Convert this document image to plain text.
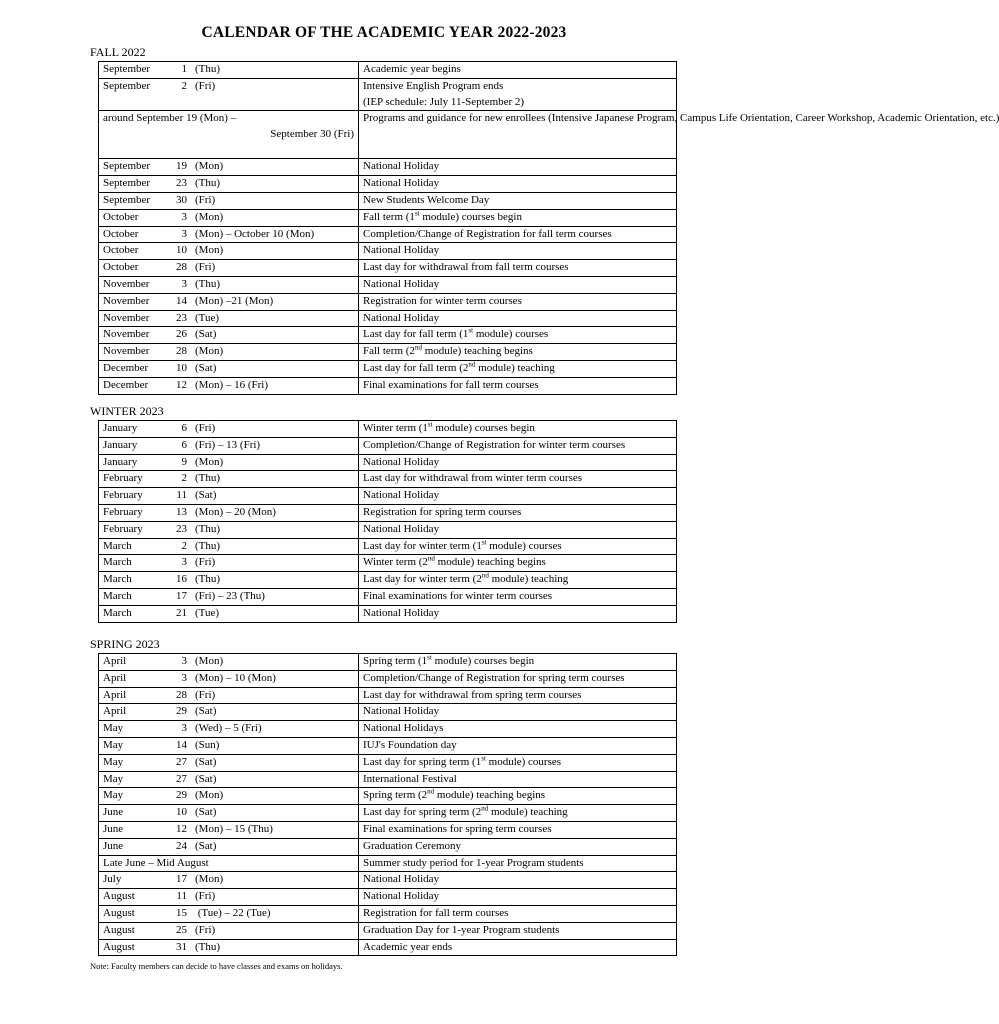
CALENDAR OF THE ACADEMIC YEAR 2022-2023
FALL 2022
September 1 (Thu)	Academic year begins
September 2 (Fri)	Intensive English Program ends
(IEP schedule: July 11-September 2)

around September 19 (Mon) –
September 30 (Fri)	Programs and guidance for new enrollees (Intensive Japanese Program, Campus Life Orientation, Career Workshop, Academic Orientation, etc.)
September 19 (Mon)	National Holiday
September 23 (Thu)	National Holiday
September 30 (Fri)	New Students Welcome Day
October 3 (Mon)	Fall term (1st module) courses begin
October 3 (Mon) – October 10 (Mon)	Completion/Change of Registration for fall term courses
October 10 (Mon)	National Holiday
October 28 (Fri)	Last day for withdrawal from fall term courses
November 3 (Thu)	National Holiday
November 14 (Mon) –21 (Mon)	Registration for winter term courses
November 23 (Tue)	National Holiday
November 26 (Sat)	Last day for fall term (1st module) courses
November 28 (Mon)	Fall term (2nd module) teaching begins
December 10 (Sat)	Last day for fall term (2nd module) teaching
December 12 (Mon) – 16 (Fri)	Final examinations for fall term courses
WINTER 2023
January 6 (Fri)	Winter term (1st module) courses begin
January 6 (Fri) – 13 (Fri)	Completion/Change of Registration for winter term courses
January 9 (Mon)	National Holiday
February 2 (Thu)	Last day for withdrawal from winter term courses
February 11 (Sat)	National Holiday
February 13 (Mon) – 20 (Mon)	Registration for spring term courses
February 23 (Thu)	National Holiday
March 2 (Thu)	Last day for winter term (1st module) courses
March 3 (Fri)	Winter term (2nd module) teaching begins
March 16 (Thu)	Last day for winter term (2nd module) teaching
March 17 (Fri) – 23 (Thu)	Final examinations for winter term courses
March 21 (Tue)	National Holiday
SPRING 2023
April 3 (Mon)	Spring term (1st module) courses begin
April 3 (Mon) – 10 (Mon)	Completion/Change of Registration for spring term courses
April 28 (Fri)	Last day for withdrawal from spring term courses
April 29 (Sat)	National Holiday
May 3 (Wed) – 5 (Fri)	National Holidays
May 14 (Sun)	IUJ's Foundation day
May 27 (Sat)	Last day for spring term (1st module) courses
May 27 (Sat)	International Festival
May 29 (Mon)	Spring term (2nd module) teaching begins
June 10 (Sat)	Last day for spring term (2nd module) teaching
June 12 (Mon) – 15 (Thu)	Final examinations for spring term courses
June 24 (Sat)	Graduation Ceremony
Late June – Mid August	Summer study period for 1-year Program students
July 17 (Mon)	National Holiday
August 11 (Fri)	National Holiday
August 15 (Tue) – 22 (Tue)	Registration for fall term courses
August 25 (Fri)	Graduation Day for 1-year Program students
August 31 (Thu)	Academic year ends
Note: Faculty members can decide to have classes and exams on holidays.
